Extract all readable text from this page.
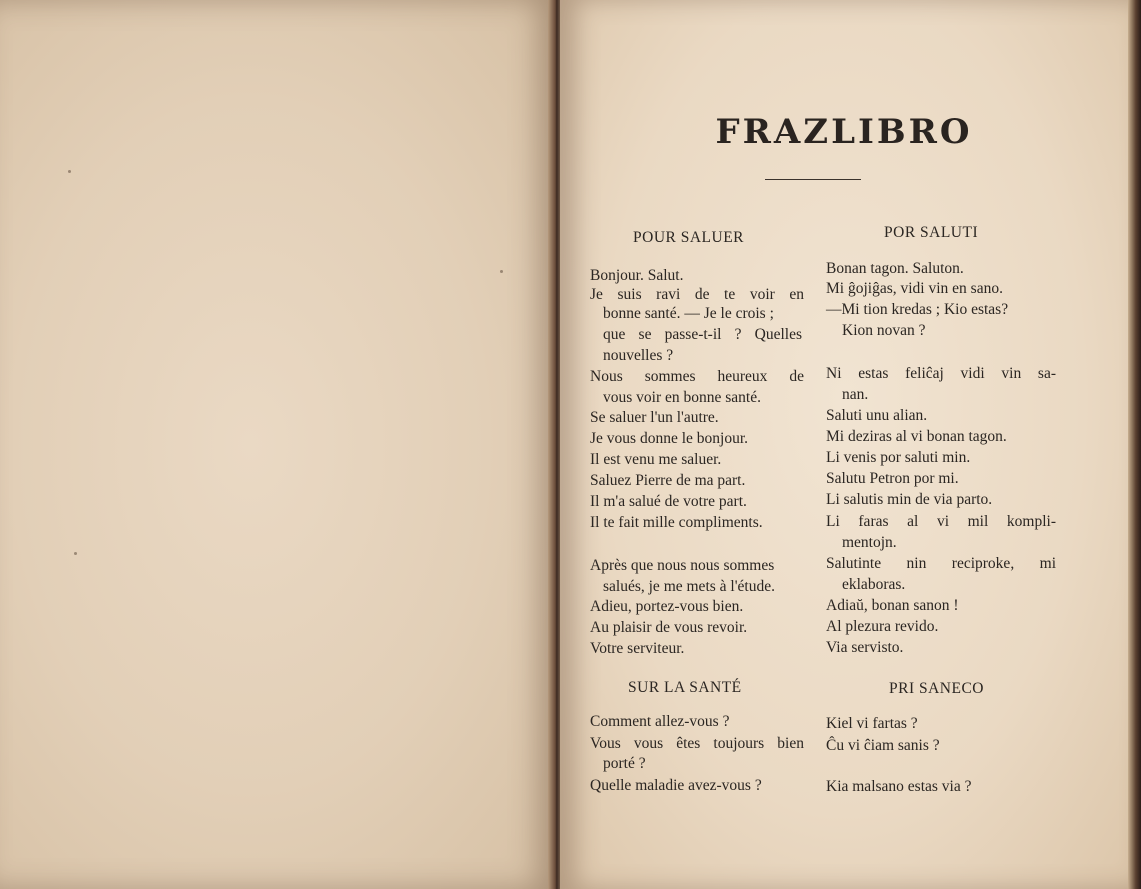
FRAZLIBRO
POUR SALUER	POR SALUTI
Bonjour. Salut.
Je suis ravi de te voir en
bonne santé. — Je le crois ;
que se passe-t-il ? Quelles
nouvelles ?
Nous sommes heureux de
vous voir en bonne santé.
Se saluer l'un l'autre.
Je vous donne le bonjour.
Il est venu me saluer.
Saluez Pierre de ma part.
Il m'a salué de votre part.
Il te fait mille compliments.
Après que nous nous sommes
salués, je me mets à l'étude.
Adieu, portez-vous bien.
Au plaisir de vous revoir.
Votre serviteur.
Bonan tagon. Saluton.
Mi ĝojiĝas, vidi vin en sano.
—Mi tion kredas ; Kio estas?
Kion novan ?
Ni estas feliĉaj vidi vin sa-
nan.
Saluti unu alian.
Mi deziras al vi bonan tagon.
Li venis por saluti min.
Salutu Petron por mi.
Li salutis min de via parto.
Li faras al vi mil kompli-
mentojn.
Salutinte nin reciproke, mi
eklaboras.
Adiaŭ, bonan sanon !
Al plezura revido.
Via servisto.
SUR LA SANTÉ	PRI SANECO
Comment allez-vous ?
Vous vous êtes toujours bien
porté ?
Quelle maladie avez-vous ?
Kiel vi fartas ?
Ĉu vi ĉiam sanis ?
Kia malsano estas via ?
